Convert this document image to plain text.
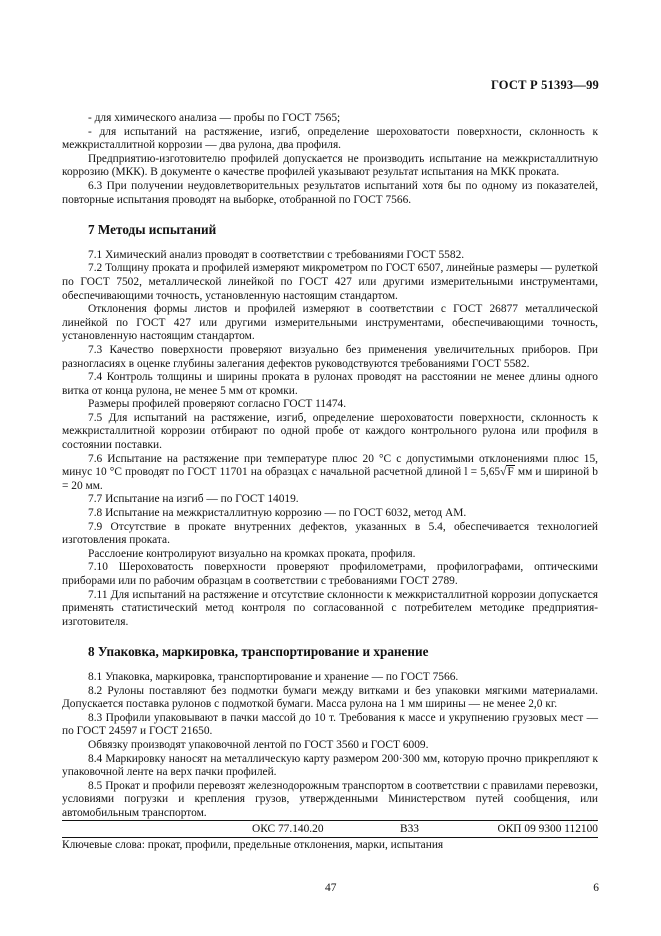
ГОСТ Р 51393—99

- для химического анализа — пробы по ГОСТ 7565;

- для испытаний на растяжение, изгиб, определение шероховатости поверхности, склонность к межкристаллитной коррозии — два рулона, два профиля.

Предприятию-изготовителю профилей допускается не производить испытание на межкристаллитную коррозию (МКК). В документе о качестве профилей указывают результат испытания на МКК проката.

6.3 При получении неудовлетворительных результатов испытаний хотя бы по одному из показателей, повторные испытания проводят на выборке, отобранной по ГОСТ 7566.

7 Методы испытаний

7.1 Химический анализ проводят в соответствии с требованиями ГОСТ 5582.

7.2 Толщину проката и профилей измеряют микрометром по ГОСТ 6507, линейные размеры — рулеткой по ГОСТ 7502, металлической линейкой по ГОСТ 427 или другими измерительными инструментами, обеспечивающими точность, установленную настоящим стандартом.

Отклонения формы листов и профилей измеряют в соответствии с ГОСТ 26877 металлической линейкой по ГОСТ 427 или другими измерительными инструментами, обеспечивающими точность, установленную настоящим стандартом.

7.3 Качество поверхности проверяют визуально без применения увеличительных приборов. При разногласиях в оценке глубины залегания дефектов руководствуются требованиями ГОСТ 5582.

7.4 Контроль толщины и ширины проката в рулонах проводят на расстоянии не менее длины одного витка от конца рулона, не менее 5 мм от кромки.

Размеры профилей проверяют согласно ГОСТ 11474.

7.5 Для испытаний на растяжение, изгиб, определение шероховатости поверхности, склонность к межкристаллитной коррозии отбирают по одной пробе от каждого контрольного рулона или профиля в состоянии поставки.

7.6 Испытание на растяжение при температуре плюс 20 °С с допустимыми отклонениями плюс 15, минус 10 °С проводят по ГОСТ 11701 на образцах с начальной расчетной длиной l = 5,65√F мм и шириной b = 20 мм.

7.7 Испытание на изгиб — по ГОСТ 14019.

7.8 Испытание на межкристаллитную коррозию — по ГОСТ 6032, метод АМ.

7.9 Отсутствие в прокате внутренних дефектов, указанных в 5.4, обеспечивается технологией изготовления проката.

Расслоение контролируют визуально на кромках проката, профиля.

7.10 Шероховатость поверхности проверяют профилометрами, профилографами, оптическими приборами или по рабочим образцам в соответствии с требованиями ГОСТ 2789.

7.11 Для испытаний на растяжение и отсутствие склонности к межкристаллитной коррозии допускается применять статистический метод контроля по согласованной с потребителем методике предприятия-изготовителя.

8 Упаковка, маркировка, транспортирование и хранение

8.1 Упаковка, маркировка, транспортирование и хранение — по ГОСТ 7566.

8.2 Рулоны поставляют без подмотки бумаги между витками и без упаковки мягкими материалами. Допускается поставка рулонов с подмоткой бумаги. Масса рулона на 1 мм ширины — не менее 2,0 кг.

8.3 Профили упаковывают в пачки массой до 10 т. Требования к массе и укрупнению грузовых мест — по ГОСТ 24597 и ГОСТ 21650.

Обвязку производят упаковочной лентой по ГОСТ 3560 и ГОСТ 6009.

8.4 Маркировку наносят на металлическую карту размером 200·300 мм, которую прочно прикрепляют к упаковочной ленте на верх пачки профилей.

8.5 Прокат и профили перевозят железнодорожным транспортом в соответствии с правилами перевозки, условиями погрузки и крепления грузов, утвержденными Министерством путей сообщения, или автомобильным транспортом.

ОКС 77.140.20	В33	ОКП 09 9300 112100
Ключевые слова: прокат, профили, предельные отклонения, марки, испытания
47	6
